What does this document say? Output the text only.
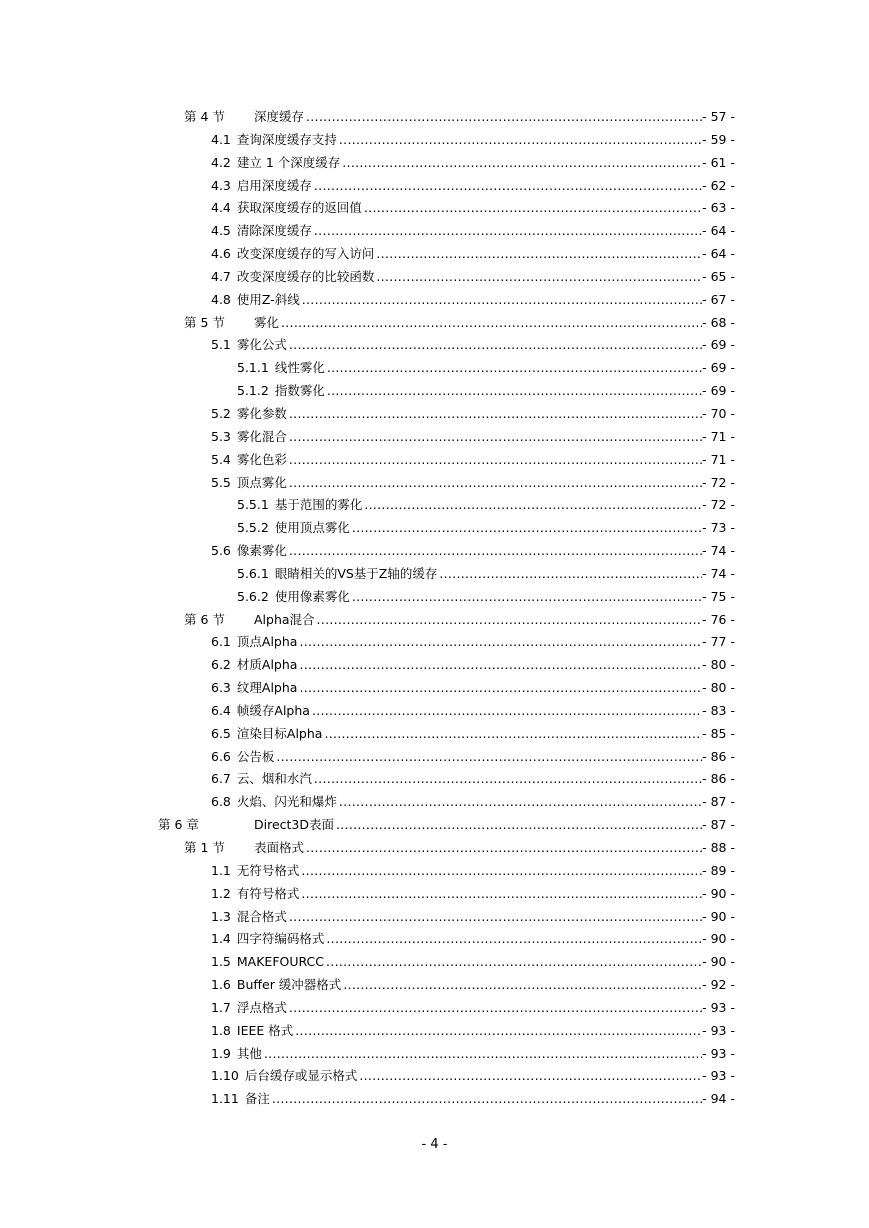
第 4 节	深度缓存 .....	- 57 -
4.1 查询深度缓存支持 .....	- 59 -
4.2 建立 1 个深度缓存 .....	- 61 -
4.3 启用深度缓存 .....	- 62 -
4.4 获取深度缓存的返回值 .....	- 63 -
4.5 清除深度缓存 .....	- 64 -
4.6 改变深度缓存的写入访问 .....	- 64 -
4.7 改变深度缓存的比较函数 .....	- 65 -
4.8 使用Z-斜线 .....	- 67 -
第 5 节	雾化 .....	- 68 -
5.1 雾化公式 .....	- 69 -
5.1.1 线性雾化 .....	- 69 -
5.1.2 指数雾化 .....	- 69 -
5.2 雾化参数 .....	- 70 -
5.3 雾化混合 .....	- 71 -
5.4 雾化色彩 .....	- 71 -
5.5 顶点雾化 .....	- 72 -
5.5.1 基于范围的雾化 .....	- 72 -
5.5.2 使用顶点雾化 .....	- 73 -
5.6 像素雾化 .....	- 74 -
5.6.1 眼睛相关的VS基于Z轴的缓存 .....	- 74 -
5.6.2 使用像素雾化 .....	- 75 -
第 6 节	Alpha混合 .....	- 76 -
6.1 顶点Alpha .....	- 77 -
6.2 材质Alpha .....	- 80 -
6.3 纹理Alpha .....	- 80 -
6.4 帧缓存Alpha .....	- 83 -
6.5 渲染目标Alpha .....	- 85 -
6.6 公告板 .....	- 86 -
6.7 云、烟和水汽 .....	- 86 -
6.8 火焰、闪光和爆炸 .....	- 87 -
第 6 章	Direct3D表面 .....	- 87 -
第 1 节	表面格式 .....	- 88 -
1.1 无符号格式 .....	- 89 -
1.2 有符号格式 .....	- 90 -
1.3 混合格式 .....	- 90 -
1.4 四字符编码格式 .....	- 90 -
1.5 MAKEFOURCC .....	- 90 -
1.6 Buffer 缓冲器格式 .....	- 92 -
1.7 浮点格式 .....	- 93 -
1.8 IEEE 格式 .....	- 93 -
1.9 其他 .....	- 93 -
1.10 后台缓存或显示格式 .....	- 93 -
1.11 备注 .....	- 94 -
- 4 -
